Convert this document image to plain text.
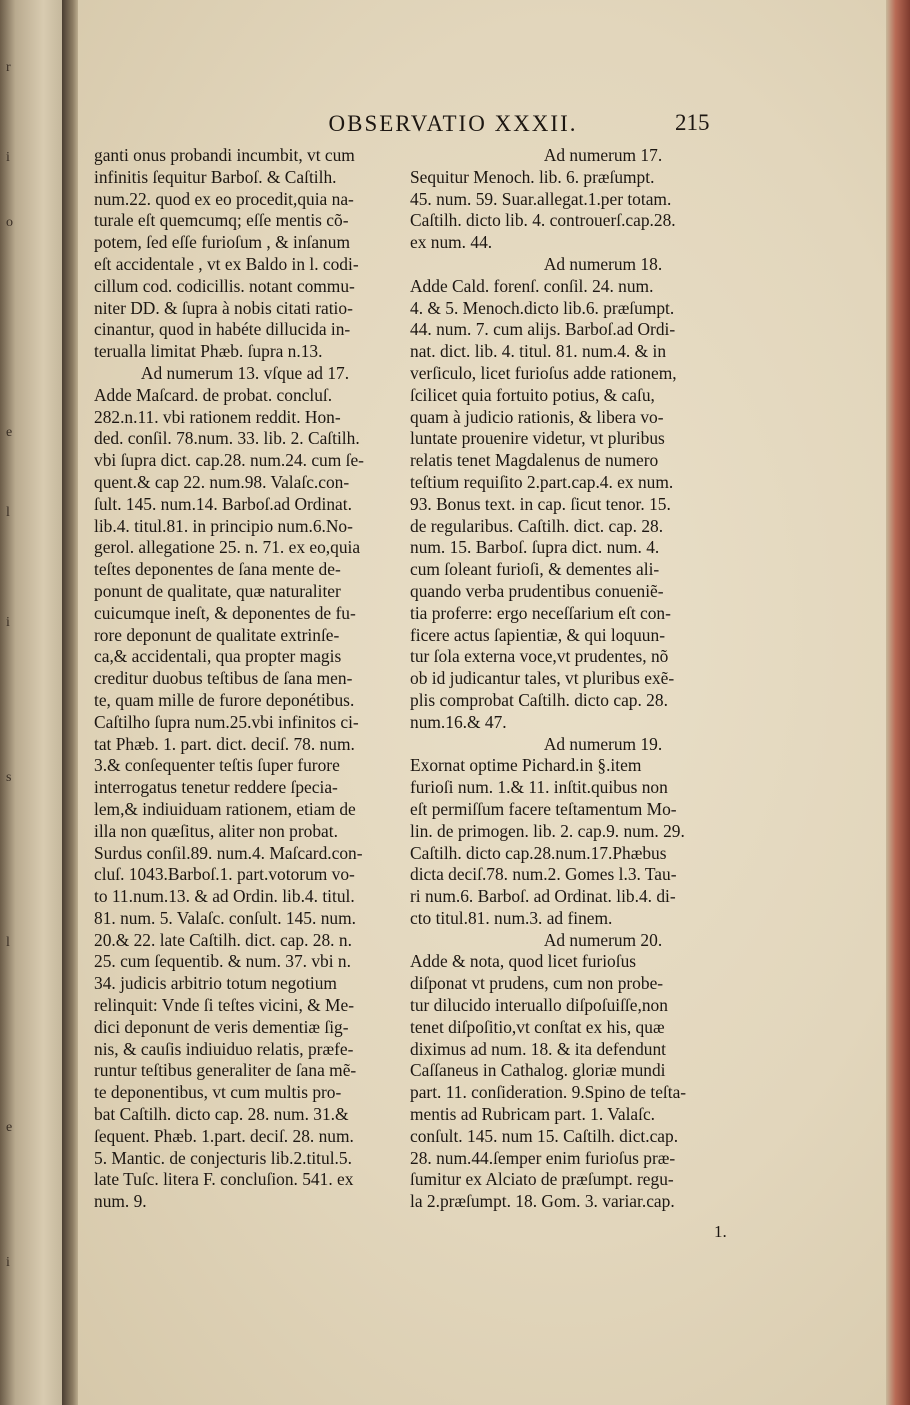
r
i
o
e
l
i
s
l
e
i
OBSERVATIO XXXII.	215
ganti onus probandi incumbit, vt cum
infinitis ſequitur Barboſ. & Caſtilh.
num.22. quod ex eo procedit,quia na-
turale eſt quemcumq; eſſe mentis cõ-
potem, ſed eſſe furioſum , & inſanum
eſt accidentale , vt ex Baldo in l. codi-
cillum cod. codicillis. notant commu-
niter DD. & ſupra à nobis citati ratio-
cinantur, quod in habéte dillucida in-
terualla limitat Phæb. ſupra n.13.
Ad numerum 13. vſque ad 17.
Adde Maſcard. de probat. concluſ.
282.n.11. vbi rationem reddit. Hon-
ded. conſil. 78.num. 33. lib. 2. Caſtilh.
vbi ſupra dict. cap.28. num.24. cum ſe-
quent.& cap 22. num.98. Valaſc.con-
ſult. 145. num.14. Barboſ.ad Ordinat.
lib.4. titul.81. in principio num.6.No-
gerol. allegatione 25. n. 71. ex eo,quia
teſtes deponentes de ſana mente de-
ponunt de qualitate, quæ naturaliter
cuicumque ineſt, & deponentes de fu-
rore deponunt de qualitate extrinſe-
ca,& accidentali, qua propter magis
creditur duobus teſtibus de ſana men-
te, quam mille de furore deponétibus.
Caſtilho ſupra num.25.vbi infinitos ci-
tat Phæb. 1. part. dict. deciſ. 78. num.
3.& conſequenter teſtis ſuper furore
interrogatus tenetur reddere ſpecia-
lem,& indiuiduam rationem, etiam de
illa non quæſitus, aliter non probat.
Surdus conſil.89. num.4. Maſcard.con-
cluſ. 1043.Barboſ.1. part.votorum vo-
to 11.num.13. & ad Ordin. lib.4. titul.
81. num. 5. Valaſc. conſult. 145. num.
20.& 22. late Caſtilh. dict. cap. 28. n.
25. cum ſequentib. & num. 37. vbi n.
34. judicis arbitrio totum negotium
relinquit: Vnde ſi teſtes vicini, & Me-
dici deponunt de veris dementiæ ſig-
nis, & cauſis indiuiduo relatis, præfe-
runtur teſtibus generaliter de ſana mẽ-
te deponentibus, vt cum multis pro-
bat Caſtilh. dicto cap. 28. num. 31.&
ſequent. Phæb. 1.part. deciſ. 28. num.
5. Mantic. de conjecturis lib.2.titul.5.
late Tuſc. litera F. concluſion. 541. ex
num. 9.
Ad numerum 17.
Sequitur Menoch. lib. 6. præſumpt.
45. num. 59. Suar.allegat.1.per totam.
Caſtilh. dicto lib. 4. controuerſ.cap.28.
ex num. 44.
Ad numerum 18.
Adde Cald. forenſ. conſil. 24. num.
4. & 5. Menoch.dicto lib.6. præſumpt.
44. num. 7. cum alijs. Barboſ.ad Ordi-
nat. dict. lib. 4. titul. 81. num.4. & in
verſiculo, licet furioſus adde rationem,
ſcilicet quia fortuito potius, & caſu,
quam à judicio rationis, & libera vo-
luntate prouenire videtur, vt pluribus
relatis tenet Magdalenus de numero
teſtium requiſito 2.part.cap.4. ex num.
93. Bonus text. in cap. ſicut tenor. 15.
de regularibus. Caſtilh. dict. cap. 28.
num. 15. Barboſ. ſupra dict. num. 4.
cum ſoleant furioſi, & dementes ali-
quando verba prudentibus conueniẽ-
tia proferre: ergo neceſſarium eſt con-
ficere actus ſapientiæ, & qui loquun-
tur ſola externa voce,vt prudentes, nõ
ob id judicantur tales, vt pluribus exẽ-
plis comprobat Caſtilh. dicto cap. 28.
num.16.& 47.
Ad numerum 19.
Exornat optime Pichard.in §.item
furioſi num. 1.& 11. inſtit.quibus non
eſt permiſſum facere teſtamentum Mo-
lin. de primogen. lib. 2. cap.9. num. 29.
Caſtilh. dicto cap.28.num.17.Phæbus
dicta deciſ.78. num.2. Gomes l.3. Tau-
ri num.6. Barboſ. ad Ordinat. lib.4. di-
cto titul.81. num.3. ad finem.
Ad numerum 20.
Adde & nota, quod licet furioſus
diſponat vt prudens, cum non probe-
tur dilucido interuallo diſpoſuiſſe,non
tenet diſpoſitio,vt conſtat ex his, quæ
diximus ad num. 18. & ita defendunt
Caſſaneus in Cathalog. gloriæ mundi
part. 11. conſideration. 9.Spino de teſta-
mentis ad Rubricam part. 1. Valaſc.
conſult. 145. num 15. Caſtilh. dict.cap.
28. num.44.ſemper enim furioſus præ-
ſumitur ex Alciato de præſumpt. regu-
la 2.præſumpt. 18. Gom. 3. variar.cap.
1.
